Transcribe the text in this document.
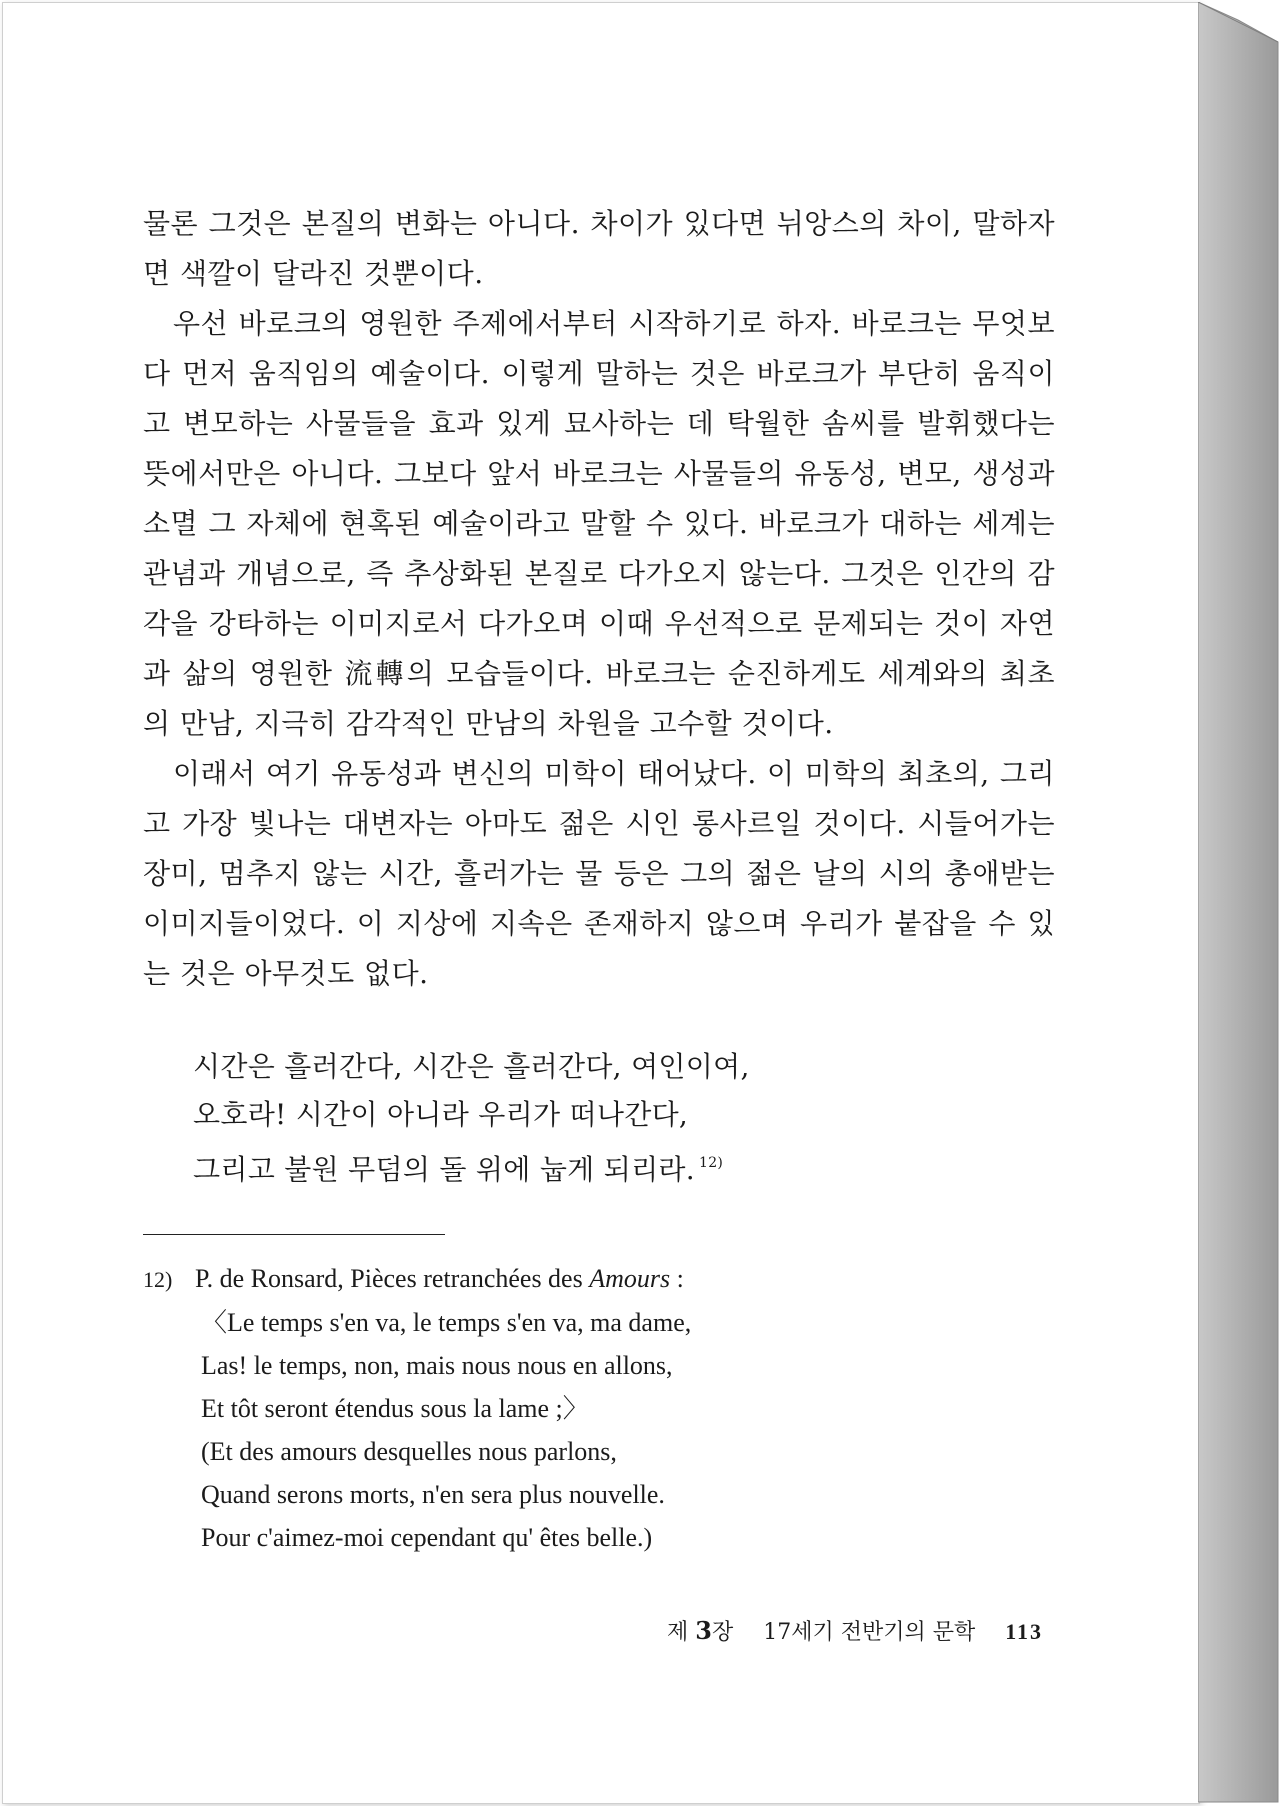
물론 그것은 본질의 변화는 아니다. 차이가 있다면 뉘앙스의 차이, 말하자면 색깔이 달라진 것뿐이다.

우선 바로크의 영원한 주제에서부터 시작하기로 하자. 바로크는 무엇보다 먼저 움직임의 예술이다. 이렇게 말하는 것은 바로크가 부단히 움직이고 변모하는 사물들을 효과 있게 묘사하는 데 탁월한 솜씨를 발휘했다는 뜻에서만은 아니다. 그보다 앞서 바로크는 사물들의 유동성, 변모, 생성과 소멸 그 자체에 현혹된 예술이라고 말할 수 있다. 바로크가 대하는 세계는 관념과 개념으로, 즉 추상화된 본질로 다가오지 않는다. 그것은 인간의 감각을 강타하는 이미지로서 다가오며 이때 우선적으로 문제되는 것이 자연과 삶의 영원한 流轉의 모습들이다. 바로크는 순진하게도 세계와의 최초의 만남, 지극히 감각적인 만남의 차원을 고수할 것이다.

이래서 여기 유동성과 변신의 미학이 태어났다. 이 미학의 최초의, 그리고 가장 빛나는 대변자는 아마도 젊은 시인 롱사르일 것이다. 시들어가는 장미, 멈추지 않는 시간, 흘러가는 물 등은 그의 젊은 날의 시의 총애받는 이미지들이었다. 이 지상에 지속은 존재하지 않으며 우리가 붙잡을 수 있는 것은 아무것도 없다.

시간은 흘러간다, 시간은 흘러간다, 여인이여,
오호라! 시간이 아니라 우리가 떠나간다,
그리고 불원 무덤의 돌 위에 눕게 되리라. $^{12)}$
12) P. de Ronsard, Pièces retranchées des Amours :
〈Le temps s'en va, le temps s'en va, ma dame,
Las! le temps, non, mais nous nous en allons,
Et tôt seront étendus sous la lame ;〉
(Et des amours desquelles nous parlons,
Quand serons morts, n'en sera plus nouvelle.
Pour c'aimez-moi cependant qu' êtes belle.)
제 3장 17세기 전반기의 문학 113
